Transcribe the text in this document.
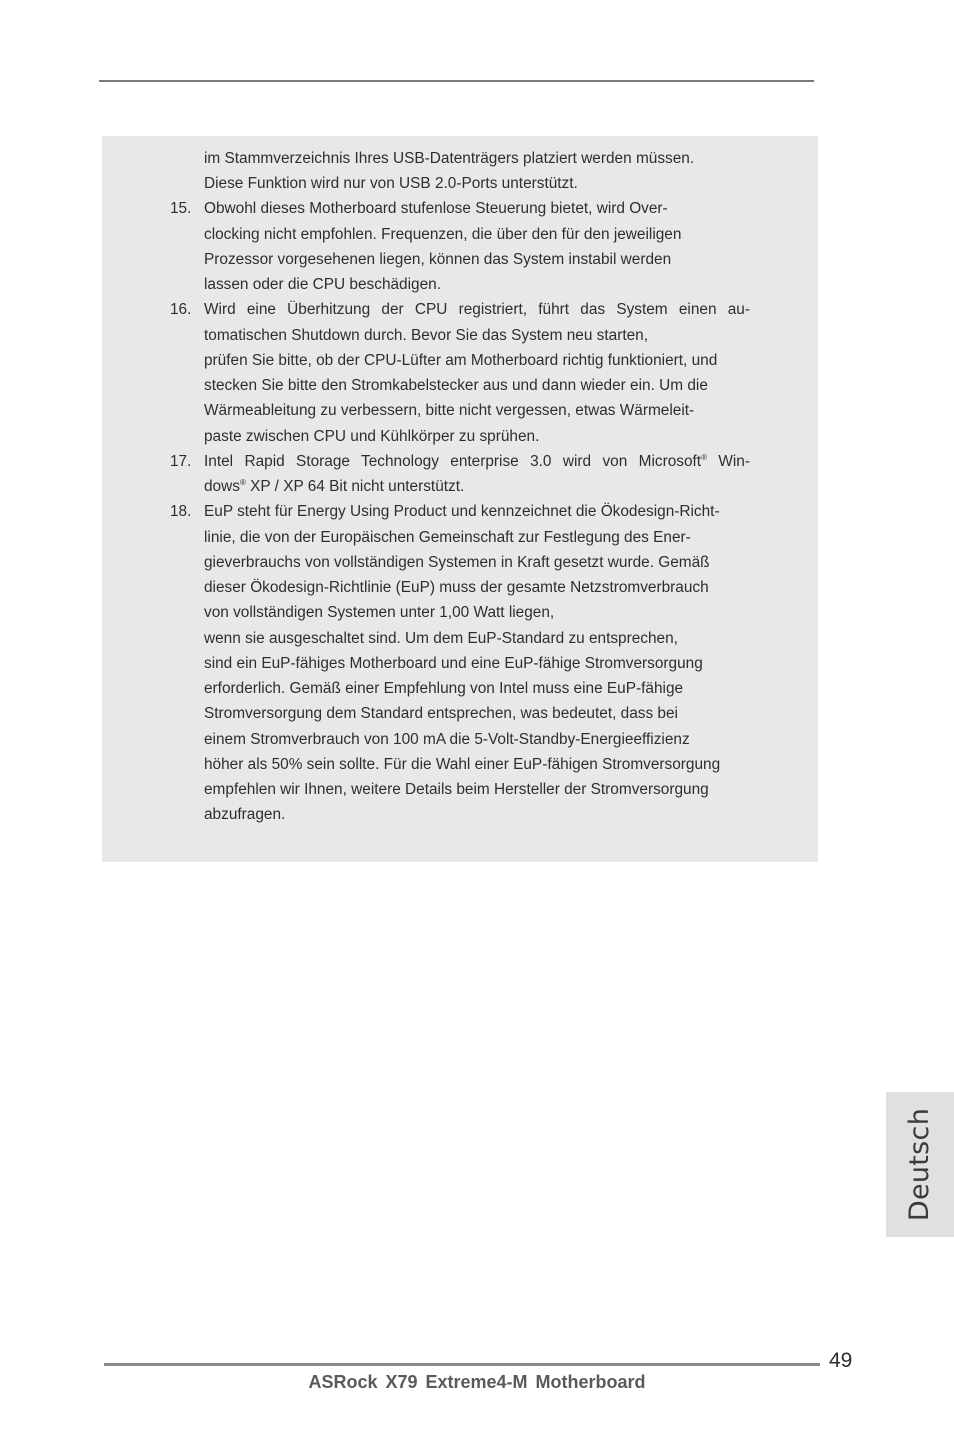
im Stammverzeichnis Ihres USB-Datenträgers platziert werden müssen.
Diese Funktion wird nur von USB 2.0-Ports unterstützt.
15. Obwohl dieses Motherboard stufenlose Steuerung bietet, wird Over-
clocking nicht empfohlen. Frequenzen, die über den für den jeweiligen
Prozessor vorgesehenen liegen, können das System instabil werden
lassen oder die CPU beschädigen.
16. Wird eine Überhitzung der CPU registriert, führt das System einen au-
tomatischen Shutdown durch. Bevor Sie das System neu starten,
prüfen Sie bitte, ob der CPU-Lüfter am Motherboard richtig funktioniert, und
stecken Sie bitte den Stromkabelstecker aus und dann wieder ein. Um die
Wärmeableitung zu verbessern, bitte nicht vergessen, etwas Wärmeleit-
paste zwischen CPU und Kühlkörper zu sprühen.
17. Intel Rapid Storage Technology enterprise 3.0 wird von Microsoft® Win-
dows® XP / XP 64 Bit nicht unterstützt.
18. EuP steht für Energy Using Product und kennzeichnet die Ökodesign-Richt-
linie, die von der Europäischen Gemeinschaft zur Festlegung des Ener-
gieverbrauchs von vollständigen Systemen in Kraft gesetzt wurde. Gemäß
dieser Ökodesign-Richtlinie (EuP) muss der gesamte Netzstromverbrauch
von vollständigen Systemen unter 1,00 Watt liegen,
wenn sie ausgeschaltet sind. Um dem EuP-Standard zu entsprechen,
sind ein EuP-fähiges Motherboard und eine EuP-fähige Stromversorgung
erforderlich. Gemäß einer Empfehlung von Intel muss eine EuP-fähige
Stromversorgung dem Standard entsprechen, was bedeutet, dass bei
einem Stromverbrauch von 100 mA die 5-Volt-Standby-Energieeffizienz
höher als 50% sein sollte. Für die Wahl einer EuP-fähigen Stromversorgung
empfehlen wir Ihnen, weitere Details beim Hersteller der Stromversorgung
abzufragen.
Deutsch
49
ASRock X79 Extreme4-M Motherboard
